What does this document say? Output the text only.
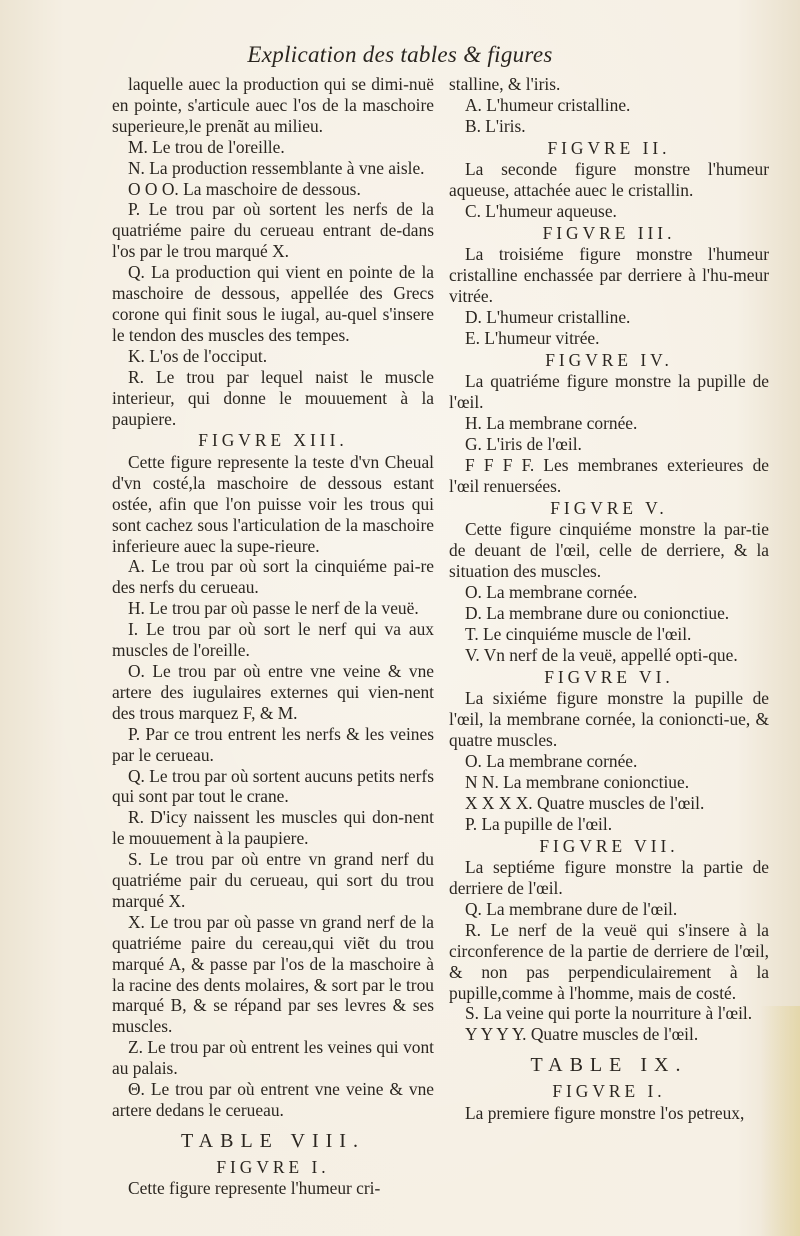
Explication des tables & figures

laquelle auec la production qui se dimi-nuë en pointe, s'articule auec l'os de la maschoire superieure,le prenãt au milieu.

M. Le trou de l'oreille.

N. La production ressemblante à vne aisle.

O O O. La maschoire de dessous.

P. Le trou par où sortent les nerfs de la quatriéme paire du cerueau entrant de-dans l'os par le trou marqué X.

Q. La production qui vient en pointe de la maschoire de dessous, appellée des Grecs corone qui finit sous le iugal, au-quel s'insere le tendon des muscles des tempes.

K. L'os de l'occiput.

R. Le trou par lequel naist le muscle interieur, qui donne le mouuement à la paupiere.

FIGVRE XIII.

Cette figure represente la teste d'vn Cheual d'vn costé,la maschoire de dessous estant ostée, afin que l'on puisse voir les trous qui sont cachez sous l'articulation de la maschoire inferieure auec la supe-rieure.

A. Le trou par où sort la cinquiéme pai-re des nerfs du cerueau.

H. Le trou par où passe le nerf de la veuë.

I. Le trou par où sort le nerf qui va aux muscles de l'oreille.

O. Le trou par où entre vne veine & vne artere des iugulaires externes qui vien-nent des trous marquez F, & M.

P. Par ce trou entrent les nerfs & les veines par le cerueau.

Q. Le trou par où sortent aucuns petits nerfs qui sont par tout le crane.

R. D'icy naissent les muscles qui don-nent le mouuement à la paupiere.

S. Le trou par où entre vn grand nerf du quatriéme pair du cerueau, qui sort du trou marqué X.

X. Le trou par où passe vn grand nerf de la quatriéme paire du cereau,qui viẽt du trou marqué A, & passe par l'os de la maschoire à la racine des dents molaires, & sort par le trou marqué B, & se répand par ses levres & ses muscles.

Z. Le trou par où entrent les veines qui vont au palais.

Θ. Le trou par où entrent vne veine & vne artere dedans le cerueau.

TABLE VIII.
FIGVRE I.

Cette figure represente l'humeur cri-

stalline, & l'iris.

A. L'humeur cristalline.

B. L'iris.

FIGVRE II.

La seconde figure monstre l'humeur aqueuse, attachée auec le cristallin.

C. L'humeur aqueuse.

FIGVRE III.

La troisiéme figure monstre l'humeur cristalline enchassée par derriere à l'hu-meur vitrée.

D. L'humeur cristalline.

E. L'humeur vitrée.

FIGVRE IV.

La quatriéme figure monstre la pupille de l'œil.

H. La membrane cornée.

G. L'iris de l'œil.

F F F F. Les membranes exterieures de l'œil renuersées.

FIGVRE V.

Cette figure cinquiéme monstre la par-tie de deuant de l'œil, celle de derriere, & la situation des muscles.

O. La membrane cornée.

D. La membrane dure ou conionctiue.

T. Le cinquiéme muscle de l'œil.

V. Vn nerf de la veuë, appellé opti-que.

FIGVRE VI.

La sixiéme figure monstre la pupille de l'œil, la membrane cornée, la conioncti-ue, & quatre muscles.

O. La membrane cornée.

N N. La membrane conionctiue.

X X X X. Quatre muscles de l'œil.

P. La pupille de l'œil.

FIGVRE VII.

La septiéme figure monstre la partie de derriere de l'œil.

Q. La membrane dure de l'œil.

R. Le nerf de la veuë qui s'insere à la circonference de la partie de derriere de l'œil, & non pas perpendiculairement à la pupille,comme à l'homme, mais de costé.

S. La veine qui porte la nourriture à l'œil.

Y Y Y Y. Quatre muscles de l'œil.

TABLE IX.
FIGVRE I.

La premiere figure monstre l'os petreux,
